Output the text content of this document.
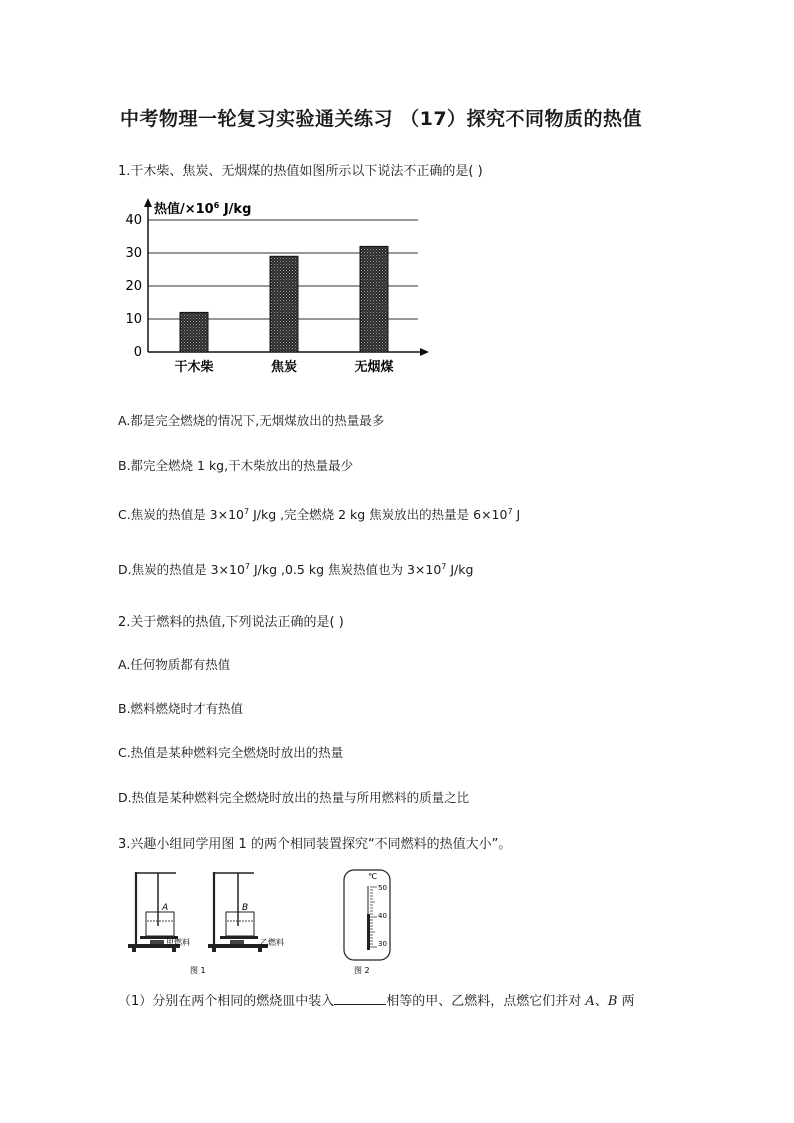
中考物理一轮复习实验通关练习 （17）探究不同物质的热值
1.干木柴、焦炭、无烟煤的热值如图所示以下说法不正确的是( )
热值$/\times 10^6$ J/kg
0
10
20
30
40
干木柴	焦炭	无烟煤
A.都是完全燃烧的情况下,无烟煤放出的热量最多
B.都完全燃烧 1 kg,干木柴放出的热量最少
C.焦炭的热值是 $3\times 10^7$ J/kg ,完全燃烧 2 kg 焦炭放出的热量是 $6\times 10^7$ J
D.焦炭的热值是 $3\times 10^7$ J/kg ,0.5 kg 焦炭热值也为 $3\times 10^7$ J/kg
2.关于燃料的热值,下列说法正确的是( )
A.任何物质都有热值
B.燃料燃烧时才有热值
C.热值是某种燃料完全燃烧时放出的热量
D.热值是某种燃料完全燃烧时放出的热量与所用燃料的质量之比
3.兴趣小组同学用图 1 的两个相同装置探究“不同燃料的热值大小”。
A
甲燃料
B
乙燃料
图 1
℃
50
40
30
图 2
（1）分别在两个相同的燃烧皿中装入	相等的甲、乙燃料，点燃它们并对 A、B 两
